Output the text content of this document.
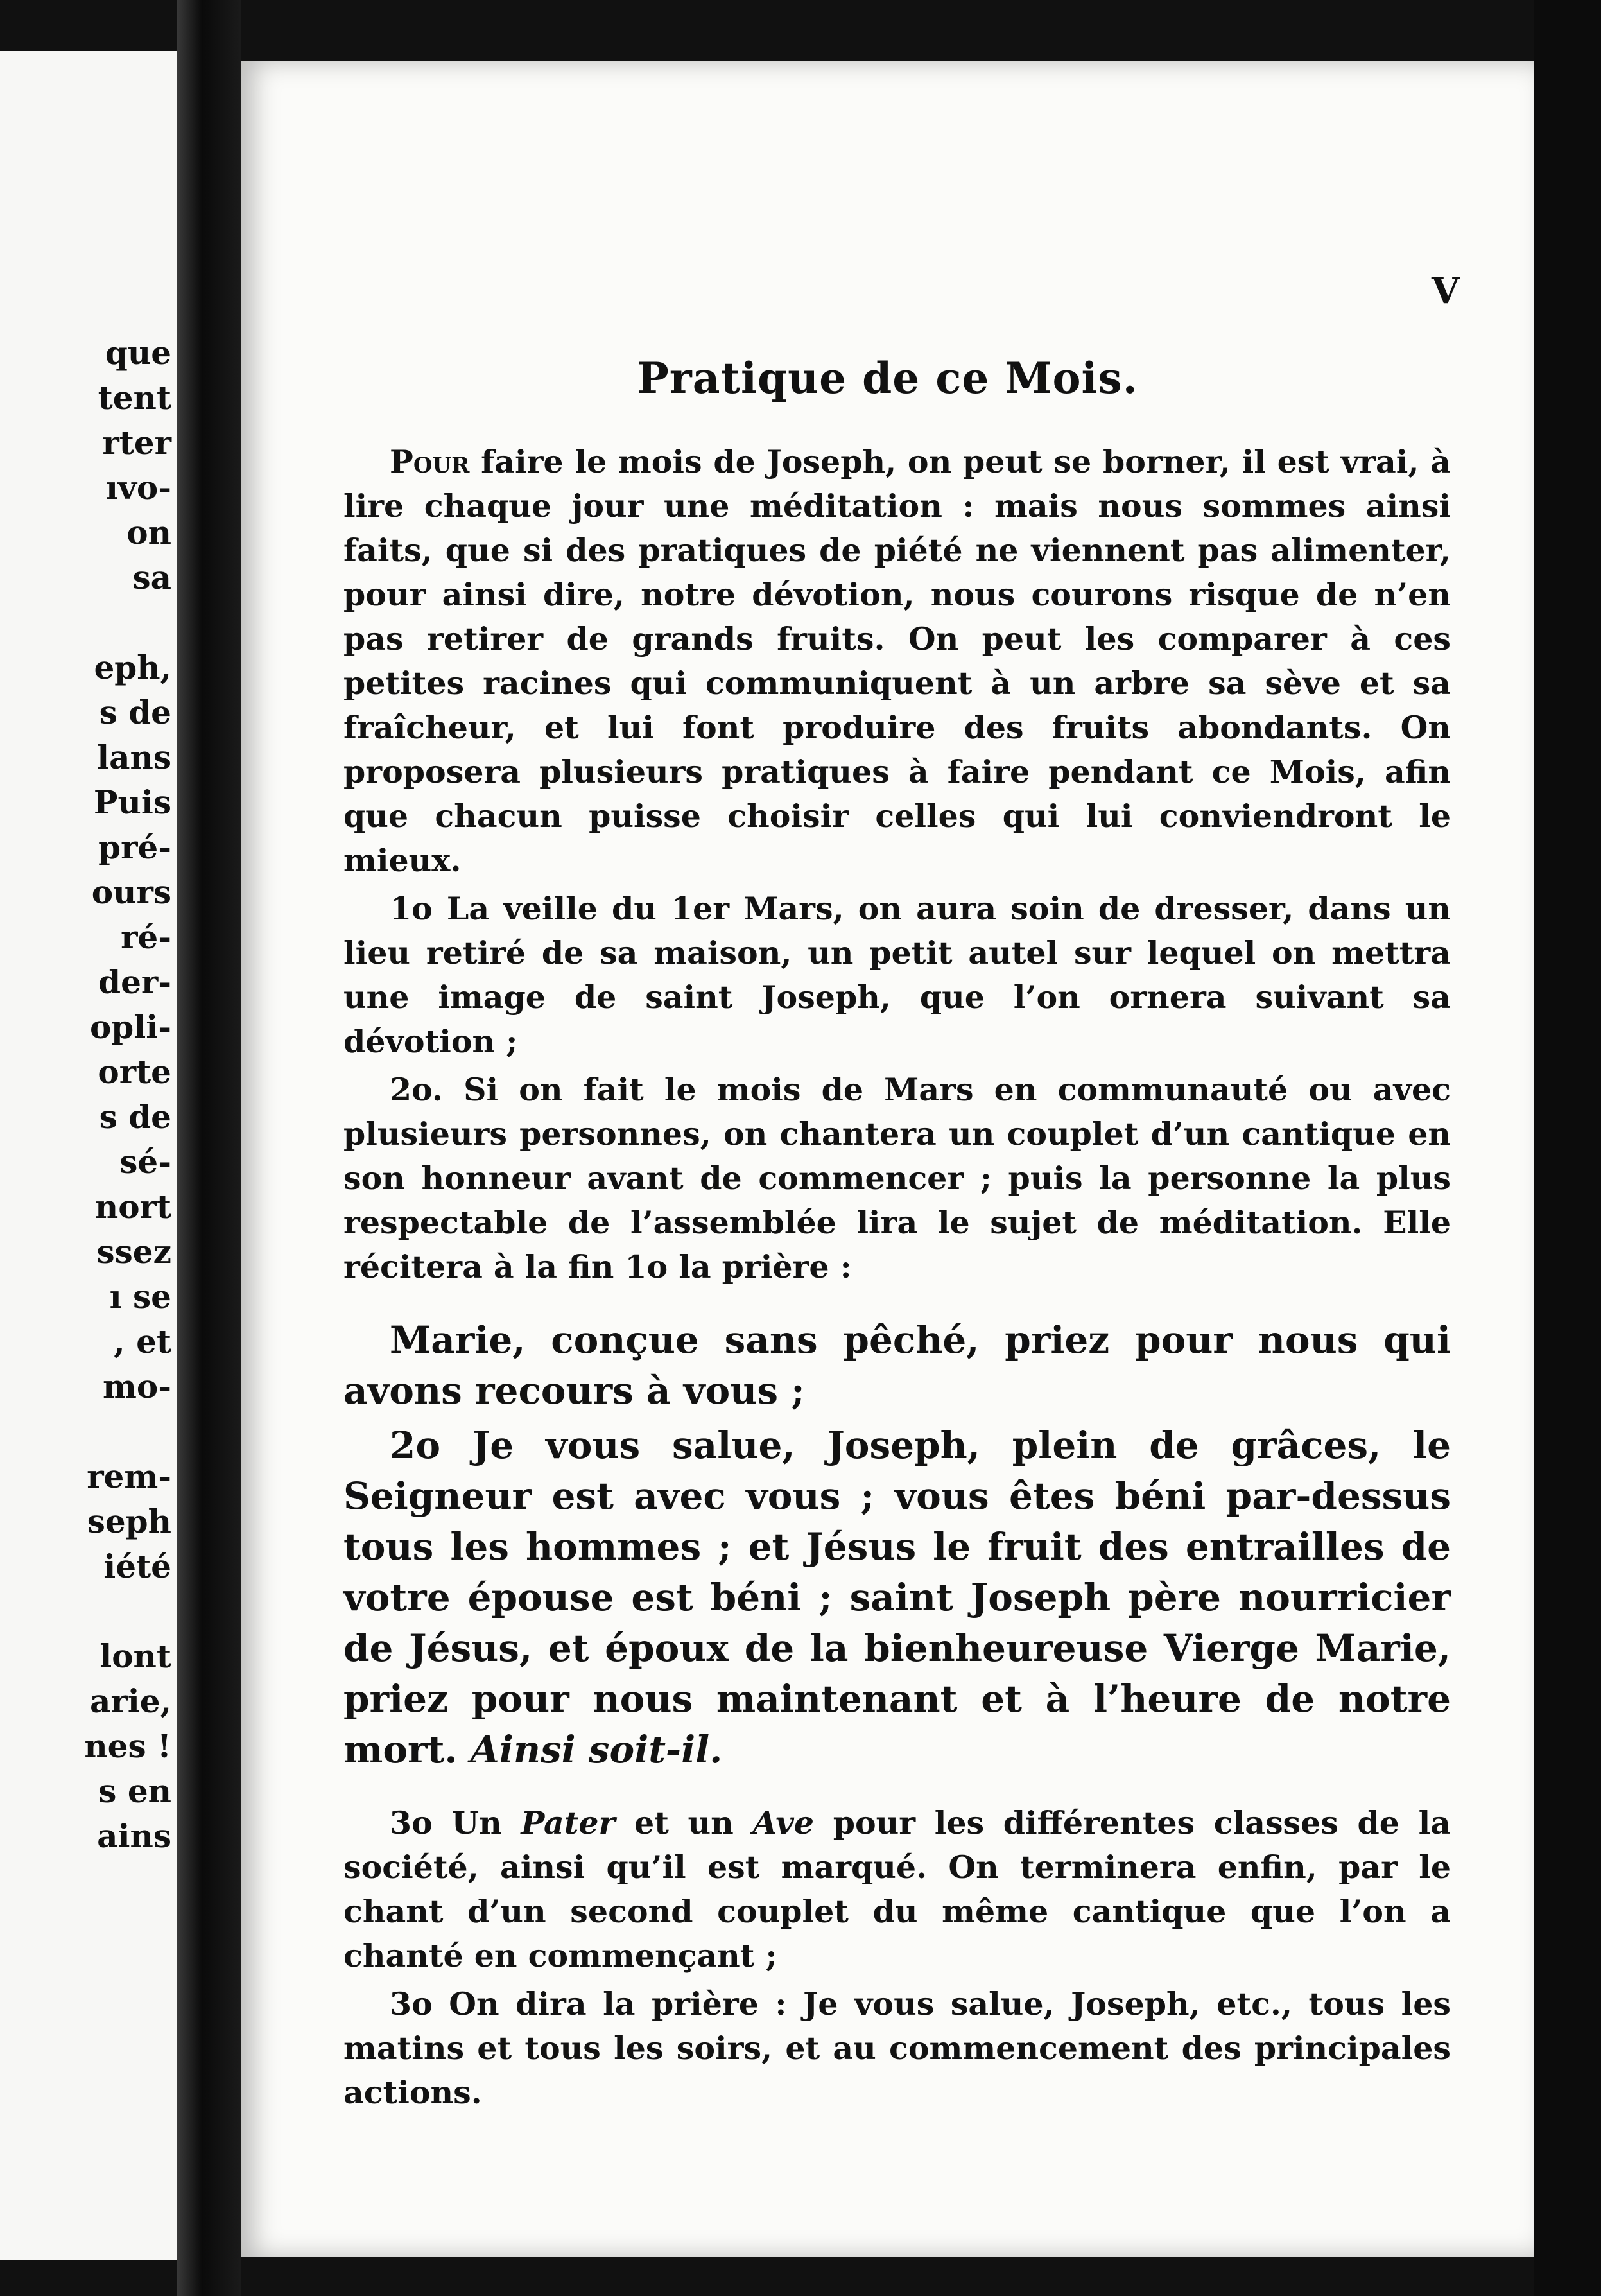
que

tent

rter

ıvo-

on

sa

eph,

s de

lans

Puis

pré-

ours

ré-

der-

opli-

orte

s de

sé-

nort

ssez

ı se

, et

mo-

rem-

seph

iété

lont

arie,

nes !

s en

ains

V

Pratique de ce Mois.

Pour faire le mois de Joseph, on peut se borner, il est vrai, à lire chaque jour une méditation : mais nous sommes ainsi faits, que si des pratiques de piété ne viennent pas alimenter, pour ainsi dire, notre dévotion, nous courons risque de n’en pas retirer de grands fruits. On peut les comparer à ces petites racines qui communiquent à un arbre sa sève et sa fraîcheur, et lui font produire des fruits abondants. On proposera plusieurs pratiques à faire pendant ce Mois, afin que chacun puisse choisir celles qui lui conviendront le mieux.

1o La veille du 1er Mars, on aura soin de dresser, dans un lieu retiré de sa maison, un petit autel sur lequel on mettra une image de saint Joseph, que l’on ornera suivant sa dévotion ;

2o. Si on fait le mois de Mars en communauté ou avec plusieurs personnes, on chantera un couplet d’un cantique en son honneur avant de commencer ; puis la personne la plus respectable de l’assemblée lira le sujet de méditation. Elle récitera à la fin 1o la prière :

Marie, conçue sans pêché, priez pour nous qui avons recours à vous ;

2o Je vous salue, Joseph, plein de grâces, le Seigneur est avec vous ; vous êtes béni par-dessus tous les hommes ; et Jésus le fruit des entrailles de votre épouse est béni ; saint Joseph père nourricier de Jésus, et époux de la bienheureuse Vierge Marie, priez pour nous maintenant et à l’heure de notre mort. Ainsi soit-il.

3o Un Pater et un Ave pour les différentes classes de la société, ainsi qu’il est marqué. On terminera enfin, par le chant d’un second couplet du même cantique que l’on a chanté en commençant ;

3o On dira la prière : Je vous salue, Joseph, etc., tous les matins et tous les soirs, et au commencement des principales actions.
